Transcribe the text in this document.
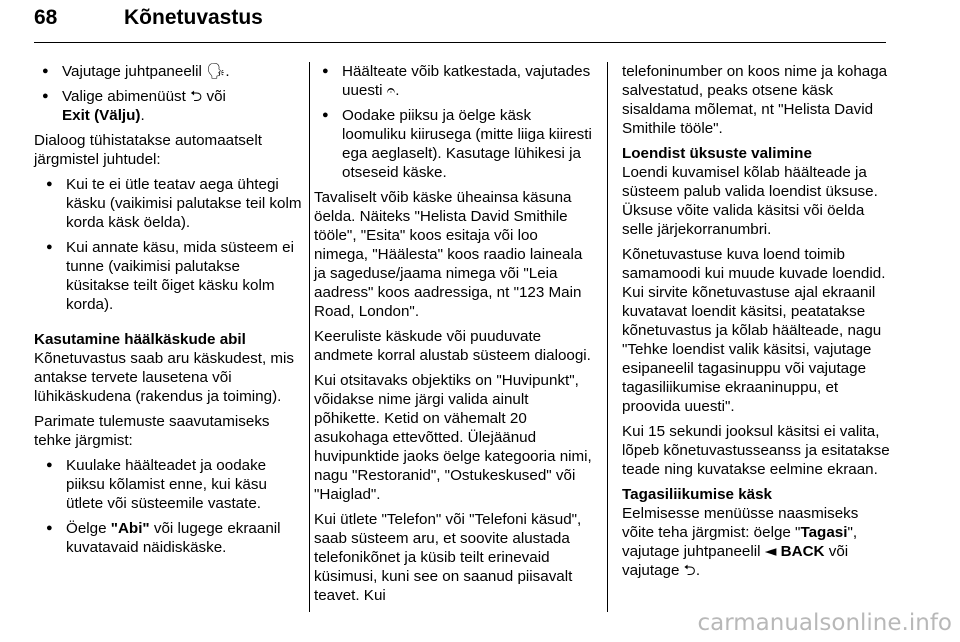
68	Kõnetuvastus
● Vajutage juhtpaneelil 🗣.
● Valige abimenüüst ⮌ või
Exit (Välju).

Dialoog tühistatakse automaatselt järgmistel juhtudel:

● Kui te ei ütle teatav aega ühtegi käsku (vaikimisi palutakse teil kolm korda käsk öelda).
● Kui annate käsu, mida süsteem ei tunne (vaikimisi palutakse küsitakse teilt õiget käsku kolm korda).

Kasutamine häälkäskude abil

Kõnetuvastus saab aru käskudest, mis antakse tervete lausetena või lühikäskudena (rakendus ja toiming).

Parimate tulemuste saavutamiseks tehke järgmist:

● Kuulake häälteadet ja oodake piiksu kõlamist enne, kui käsu ütlete või süsteemile vastate.
● Öelge "Abi" või lugege ekraanil kuvatavaid näidiskäske.
● Häälteate võib katkestada, vajutades uuesti 𝄐.
● Oodake piiksu ja öelge käsk loomuliku kiirusega (mitte liiga kiiresti ega aeglaselt). Kasutage lühikesi ja otseseid käske.

Tavaliselt võib käske üheainsa käsuna öelda. Näiteks "Helista David Smithile tööle", "Esita" koos esitaja või loo nimega, "Häälesta" koos raadio laineala ja sageduse/jaama nimega või "Leia aadress" koos aadressiga, nt "123 Main Road, London".

Keeruliste käskude või puuduvate andmete korral alustab süsteem dialoogi.

Kui otsitavaks objektiks on "Huvipunkt", võidakse nime järgi valida ainult põhikette. Ketid on vähemalt 20 asukohaga ettevõtted. Ülejäänud huvipunktide jaoks öelge kategooria nimi, nagu "Restoranid", "Ostukeskused" või "Haiglad".

Kui ütlete "Telefon" või "Telefoni käsud", saab süsteem aru, et soovite alustada telefonikõnet ja küsib teilt erinevaid küsimusi, kuni see on saanud piisavalt teavet. Kui

telefoninumber on koos nime ja kohaga salvestatud, peaks otsene käsk sisaldama mõlemat, nt "Helista David Smithile tööle".

Loendist üksuste valimine

Loendi kuvamisel kõlab häälteade ja süsteem palub valida loendist üksuse. Üksuse võite valida käsitsi või öelda selle järjekorranumbri.

Kõnetuvastuse kuva loend toimib samamoodi kui muude kuvade loendid. Kui sirvite kõnetuvastuse ajal ekraanil kuvatavat loendit käsitsi, peatatakse kõnetuvastus ja kõlab häälteade, nagu "Tehke loendist valik käsitsi, vajutage esipaneelil tagasinuppu või vajutage tagasiliikumise ekraaninuppu, et proovida uuesti".

Kui 15 sekundi jooksul käsitsi ei valita, lõpeb kõnetuvastusseanss ja esitatakse teade ning kuvatakse eelmine ekraan.

Tagasiliikumise käsk

Eelmisesse menüüsse naasmiseks võite teha järgmist: öelge "Tagasi", vajutage juhtpaneelil ◄ BACK või vajutage ⮌.

carmanualsonline.info
